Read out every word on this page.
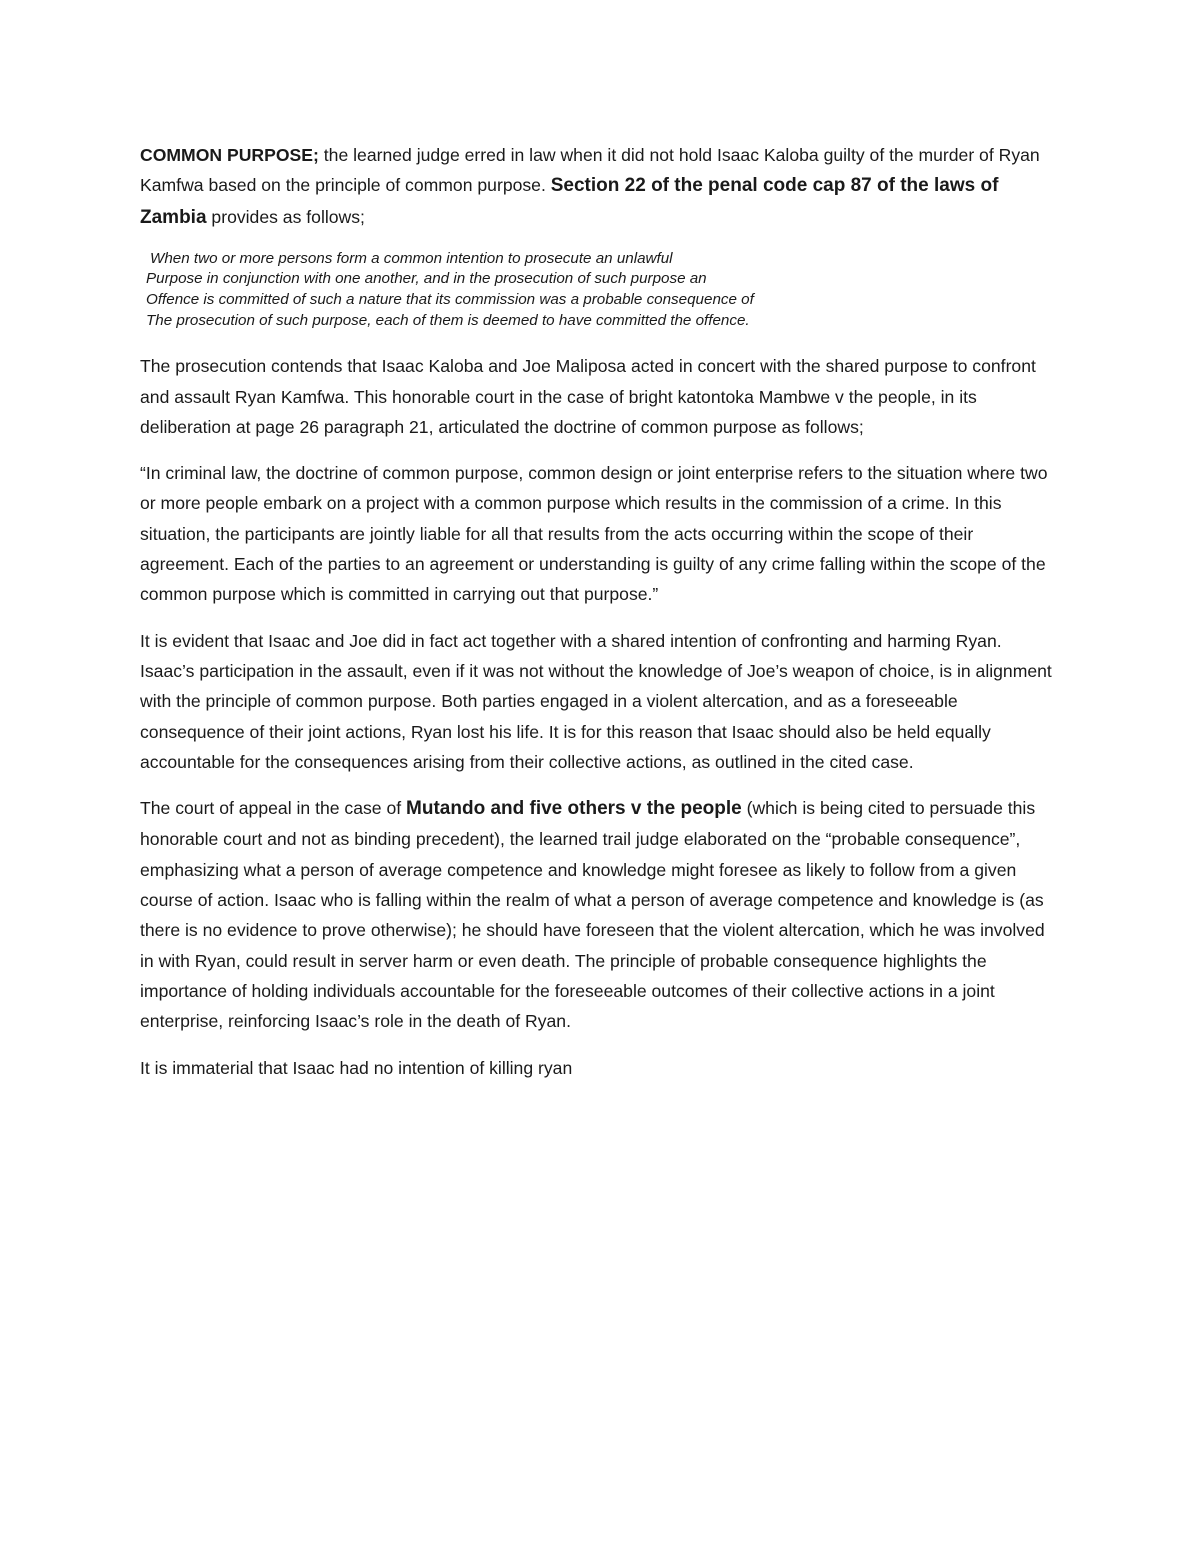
COMMON PURPOSE; the learned judge erred in law when it did not hold Isaac Kaloba guilty of the murder of Ryan Kamfwa based on the principle of common purpose. Section 22 of the penal code cap 87 of the laws of Zambia provides as follows;

When two or more persons form a common intention to prosecute an unlawful
Purpose in conjunction with one another, and in the prosecution of such purpose an
Offence is committed of such a nature that its commission was a probable consequence of
The prosecution of such purpose, each of them is deemed to have committed the offence.

The prosecution contends that Isaac Kaloba and Joe Maliposa acted in concert with the shared purpose to confront and assault Ryan Kamfwa. This honorable court in the case of bright katontoka Mambwe v the people, in its deliberation at page 26 paragraph 21, articulated the doctrine of common purpose as follows;

“In criminal law, the doctrine of common purpose, common design or joint enterprise refers to the situation where two or more people embark on a project with a common purpose which results in the commission of a crime. In this situation, the participants are jointly liable for all that results from the acts occurring within the scope of their agreement. Each of the parties to an agreement or understanding is guilty of any crime falling within the scope of the common purpose which is committed in carrying out that purpose.”

It is evident that Isaac and Joe did in fact act together with a shared intention of confronting and harming Ryan. Isaac’s participation in the assault, even if it was not without the knowledge of Joe’s weapon of choice, is in alignment with the principle of common purpose. Both parties engaged in a violent altercation, and as a foreseeable consequence of their joint actions, Ryan lost his life. It is for this reason that Isaac should also be held equally accountable for the consequences arising from their collective actions, as outlined in the cited case.

The court of appeal in the case of Mutando and five others v the people (which is being cited to persuade this honorable court and not as binding precedent), the learned trail judge elaborated on the “probable consequence”, emphasizing what a person of average competence and knowledge might foresee as likely to follow from a given course of action. Isaac who is falling within the realm of what a person of average competence and knowledge is (as there is no evidence to prove otherwise); he should have foreseen that the violent altercation, which he was involved in with Ryan, could result in server harm or even death. The principle of probable consequence highlights the importance of holding individuals accountable for the foreseeable outcomes of their collective actions in a joint enterprise, reinforcing Isaac’s role in the death of Ryan.

It is immaterial that Isaac had no intention of killing ryan
